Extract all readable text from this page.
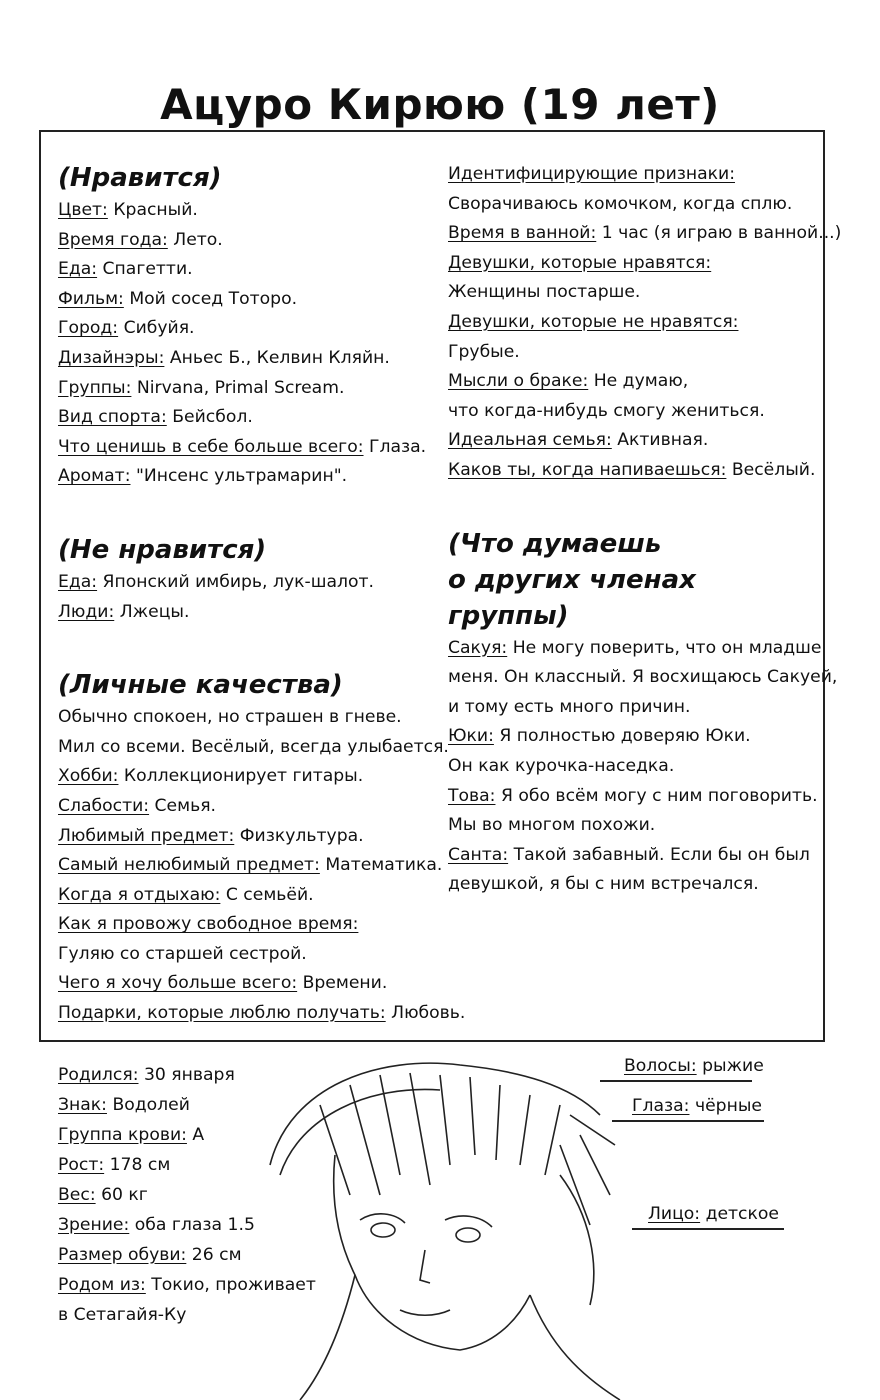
Ацуро Кирюю (19 лет)
(Нравится)
Цвет: Красный.
Время года: Лето.
Еда: Спагетти.
Фильм: Мой сосед Тоторо.
Город: Сибуйя.
Дизайнэры: Аньес Б., Келвин Кляйн.
Группы: Nirvana, Primal Scream.
Вид спорта: Бейсбол.
Что ценишь в себе больше всего: Глаза.
Аромат: "Инсенс ультрамарин".
(Не нравится)
Еда: Японский имбирь, лук-шалот.
Люди: Лжецы.
(Личные качества)
Обычно спокоен, но страшен в гневе.
Мил со всеми. Весёлый, всегда улыбается.
Хобби: Коллекционирует гитары.
Слабости: Семья.
Любимый предмет: Физкультура.
Самый нелюбимый предмет: Математика.
Когда я отдыхаю: С семьёй.
Как я провожу свободное время:
Гуляю со старшей сестрой.
Чего я хочу больше всего: Времени.
Подарки, которые люблю получать: Любовь.
Идентифицирующие признаки:
Сворачиваюсь комочком, когда сплю.
Время в ванной: 1 час (я играю в ванной...)
Девушки, которые нравятся:
Женщины постарше.
Девушки, которые не нравятся:
Грубые.
Мысли о браке: Не думаю,
что когда-нибудь смогу жениться.
Идеальная семья: Активная.
Каков ты, когда напиваешься: Весёлый.
(Что думаешь
о других членах группы)
Сакуя: Не могу поверить, что он младше
меня. Он классный. Я восхищаюсь Сакуей,
и тому есть много причин.
Юки: Я полностью доверяю Юки.
Он как курочка-наседка.
Това: Я обо всём могу с ним поговорить.
Мы во многом похожи.
Санта: Такой забавный. Если бы он был
девушкой, я бы с ним встречался.
Волосы: рыжие
Глаза: чёрные
Лицо: детское
Родился: 30 января
Знак: Водолей
Группа крови: А
Рост: 178 см
Вес: 60 кг
Зрение: оба глаза 1.5
Размер обуви: 26 см
Родом из: Токио, проживает
в Сетагайя-Ку
